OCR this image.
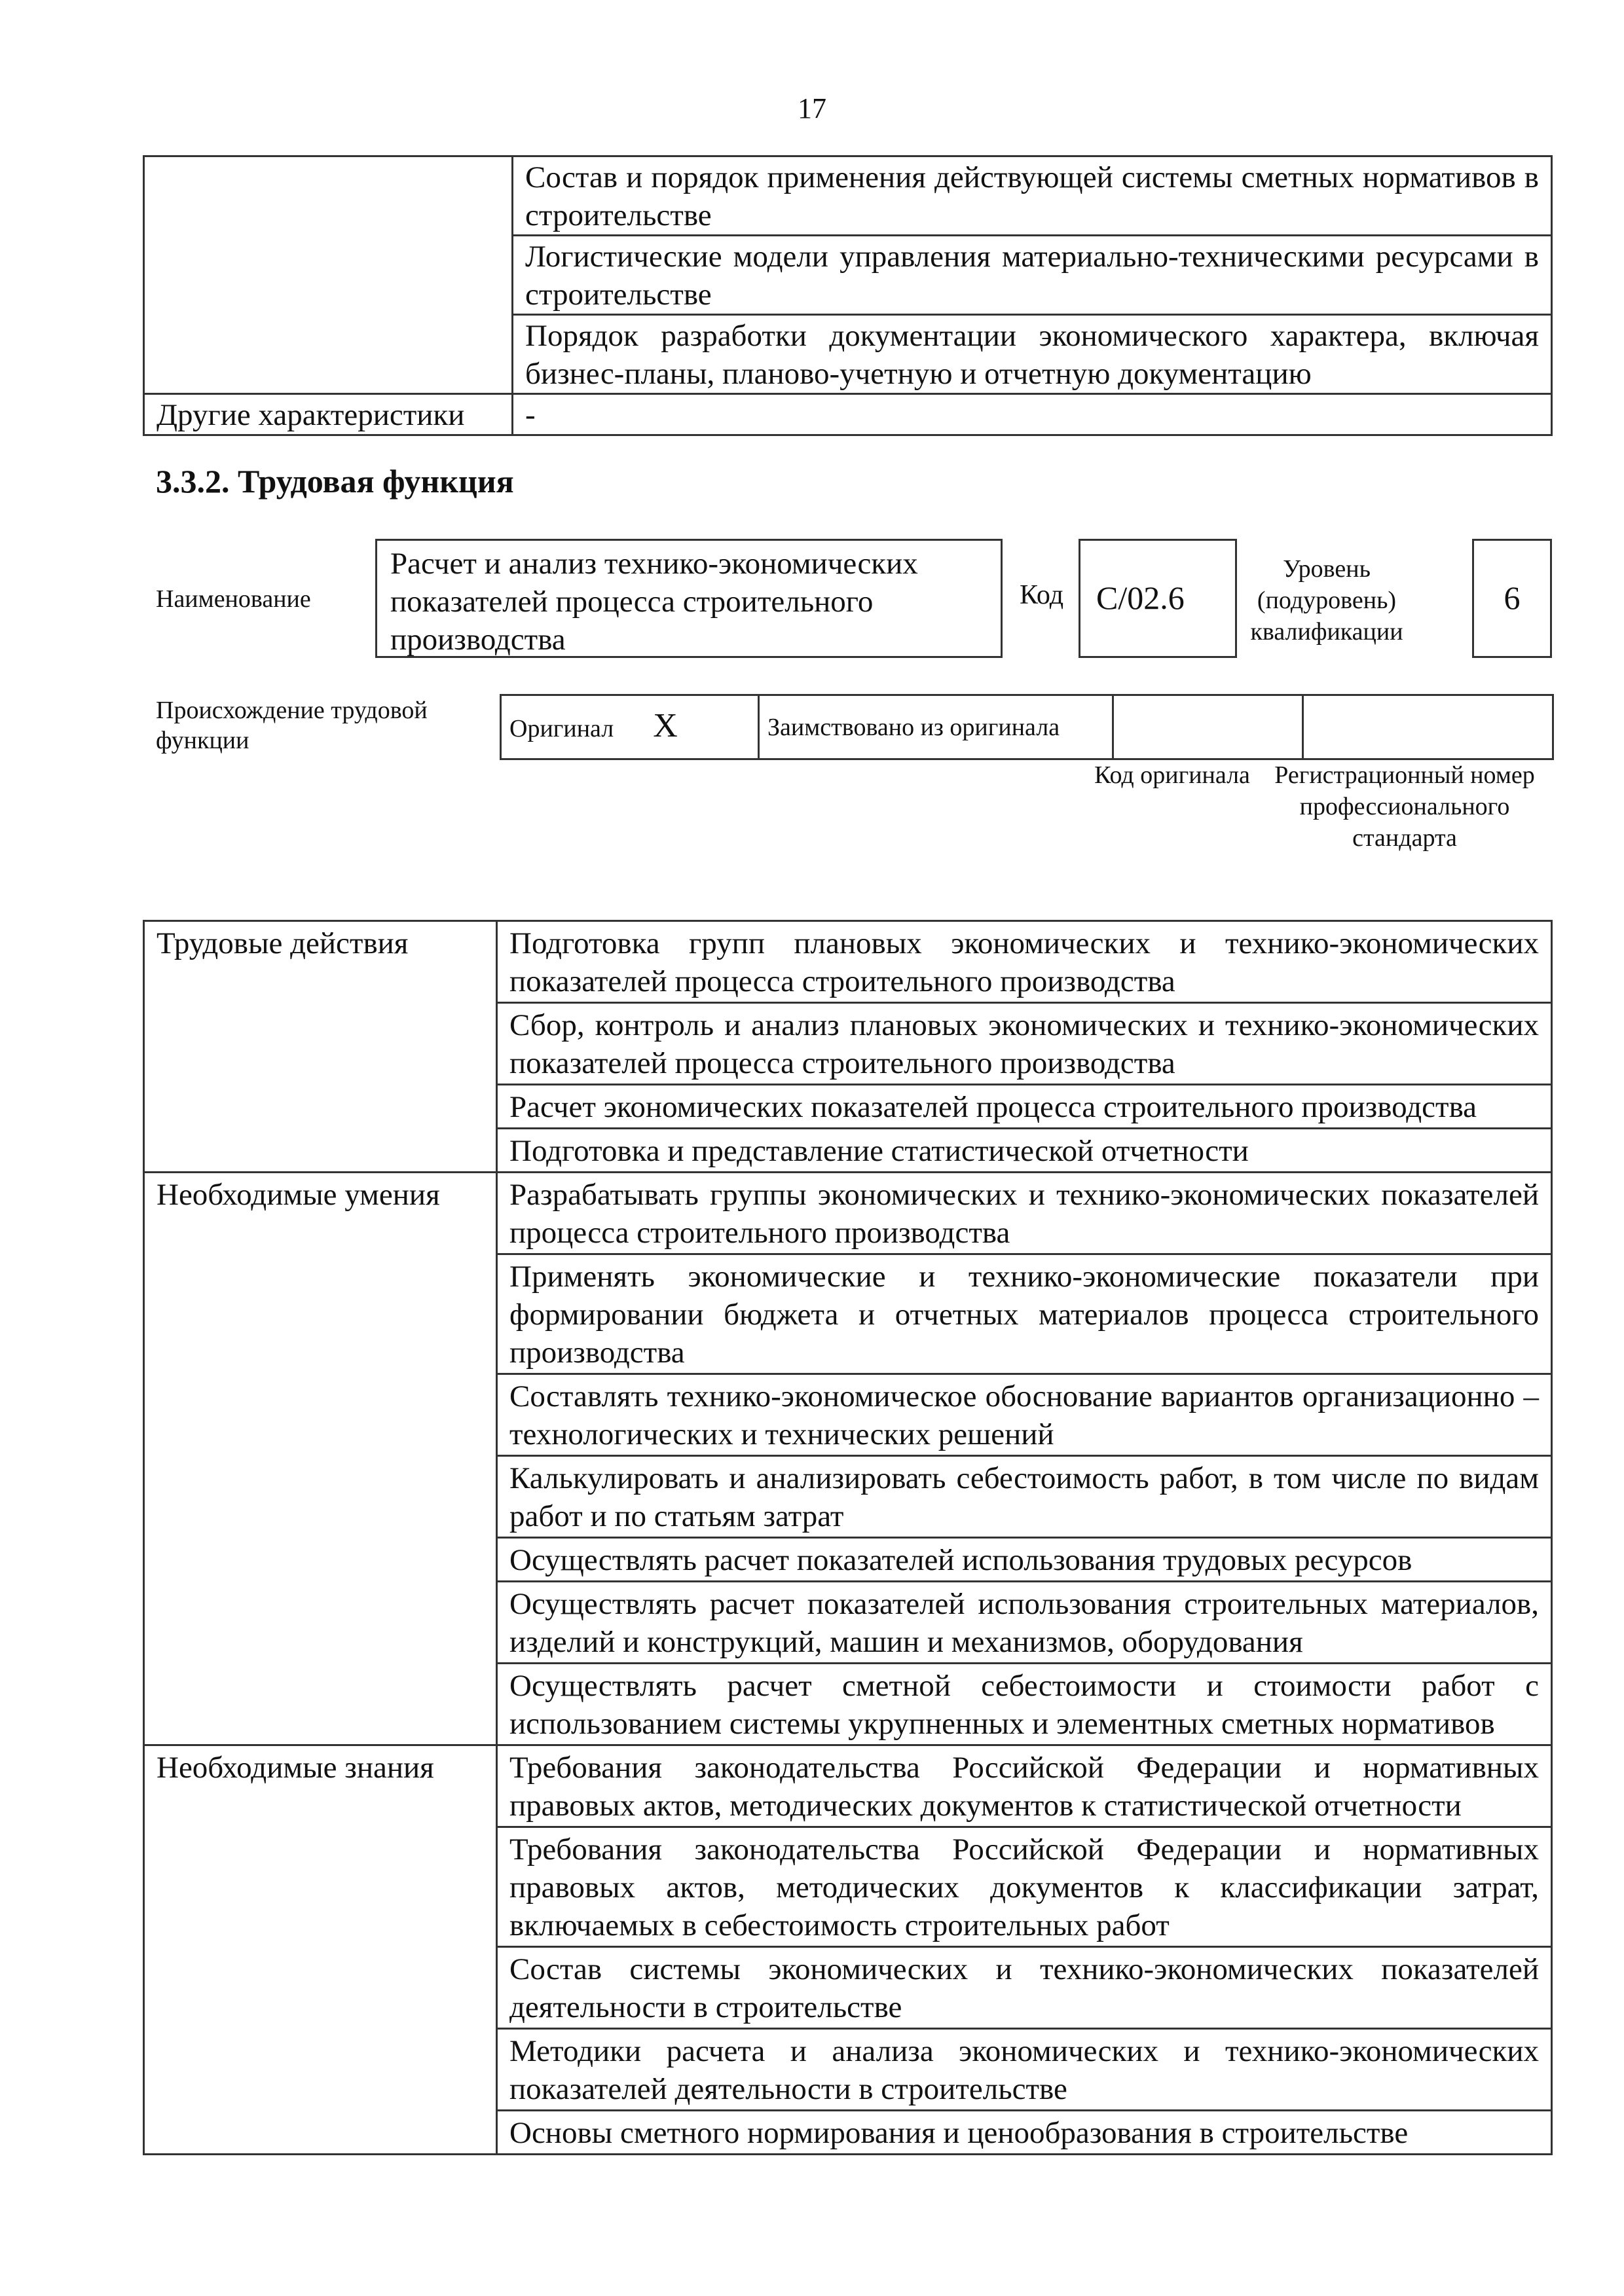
17
	Состав и порядок применения действующей системы сметных нормативов в строительстве
	Логистические модели управления материально-техническими ресурсами в строительстве
	Порядок разработки документации экономического характера, включая бизнес-планы, планово-учетную и отчетную документацию
Другие характеристики	-
3.3.2. Трудовая функция
Наименование
Расчет и анализ технико-экономических показателей процесса строительного производства
Код С/02.6
Уровень (подуровень) квалификации
6
Происхождение трудовой функции	Оригинал X	Заимствовано из оригинала		
Код оригинала Регистрационный номер профессионального стандарта
Трудовые действия	Подготовка групп плановых экономических и технико-экономических показателей процесса строительного производства
	Сбор, контроль и анализ плановых экономических и технико-экономических показателей процесса строительного производства
	Расчет экономических показателей процесса строительного производства
	Подготовка и представление статистической отчетности
Необходимые умения	Разрабатывать группы экономических и технико-экономических показателей процесса строительного производства
	Применять экономические и технико-экономические показатели при формировании бюджета и отчетных материалов процесса строительного производства
	Составлять технико-экономическое обоснование вариантов организационно – технологических и технических решений
	Калькулировать и анализировать себестоимость работ, в том числе по видам работ и по статьям затрат
	Осуществлять расчет показателей использования трудовых ресурсов
	Осуществлять расчет показателей использования строительных материалов, изделий и конструкций, машин и механизмов, оборудования
	Осуществлять расчет сметной себестоимости и стоимости работ с использованием системы укрупненных и элементных сметных нормативов
Необходимые знания	Требования законодательства Российской Федерации и нормативных правовых актов, методических документов к статистической отчетности
	Требования законодательства Российской Федерации и нормативных правовых актов, методических документов к классификации затрат, включаемых в себестоимость строительных работ
	Состав системы экономических и технико-экономических показателей деятельности в строительстве
	Методики расчета и анализа экономических и технико-экономических показателей деятельности в строительстве
	Основы сметного нормирования и ценообразования в строительстве
